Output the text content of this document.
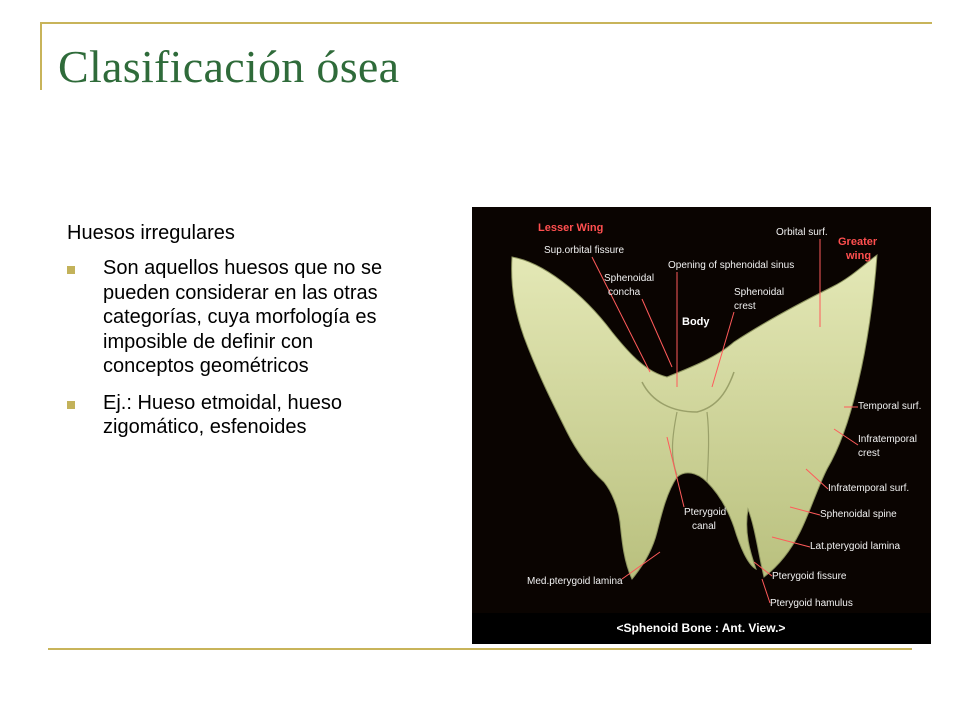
Clasificación ósea
Huesos irregulares
Son aquellos huesos que no se pueden considerar en las otras categorías, cuya morfología es imposible de definir con conceptos geométricos
Ej.: Hueso etmoidal, hueso zigomático, esfenoides
Lesser Wing
Sup.orbital fissure
Sphenoidal
concha
Opening of sphenoidal sinus
Orbital surf.
Greater
wing
Sphenoidal
crest
Body
Temporal surf.
Infratemporal
crest
Infratemporal surf.
Pterygoid
canal
Sphenoidal spine
Lat.pterygoid lamina
Med.pterygoid lamina	Pterygoid fissure
Pterygoid hamulus
<Sphenoid Bone : Ant. View.>
